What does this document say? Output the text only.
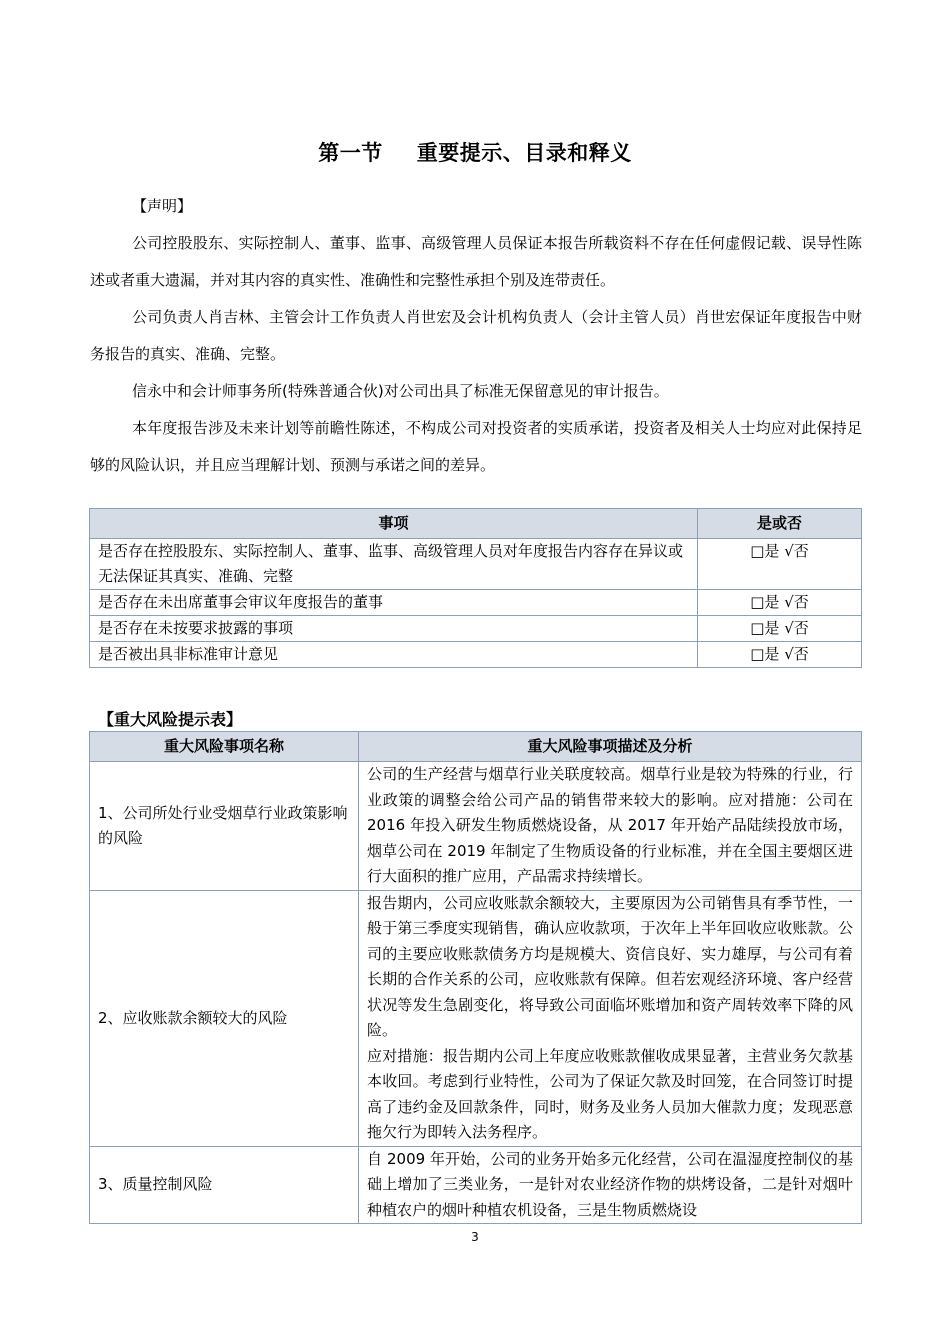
第一节 重要提示、目录和释义

【声明】

公司控股股东、实际控制人、董事、监事、高级管理人员保证本报告所载资料不存在任何虚假记载、误导性陈述或者重大遗漏，并对其内容的真实性、准确性和完整性承担个别及连带责任。

公司负责人肖吉林、主管会计工作负责人肖世宏及会计机构负责人（会计主管人员）肖世宏保证年度报告中财务报告的真实、准确、完整。

信永中和会计师事务所(特殊普通合伙)对公司出具了标准无保留意见的审计报告。

本年度报告涉及未来计划等前瞻性陈述，不构成公司对投资者的实质承诺，投资者及相关人士均应对此保持足够的风险认识，并且应当理解计划、预测与承诺之间的差异。

事项	是或否
是否存在控股股东、实际控制人、董事、监事、高级管理人员对年度报告内容存在异议或无法保证其真实、准确、完整	□是 √否
是否存在未出席董事会审议年度报告的董事	□是 √否
是否存在未按要求披露的事项	□是 √否
是否被出具非标准审计意见	□是 √否
【重大风险提示表】
重大风险事项名称	重大风险事项描述及分析
1、公司所处行业受烟草行业政策影响的风险	公司的生产经营与烟草行业关联度较高。烟草行业是较为特殊的行业，行业政策的调整会给公司产品的销售带来较大的影响。应对措施：公司在 2016 年投入研发生物质燃烧设备，从 2017 年开始产品陆续投放市场，烟草公司在 2019 年制定了生物质设备的行业标准，并在全国主要烟区进行大面积的推广应用，产品需求持续增长。

2、应收账款余额较大的风险	报告期内，公司应收账款余额较大，主要原因为公司销售具有季节性，一般于第三季度实现销售，确认应收款项，于次年上半年回收应收账款。公司的主要应收账款债务方均是规模大、资信良好、实力雄厚，与公司有着长期的合作关系的公司，应收账款有保障。但若宏观经济环境、客户经营状况等发生急剧变化，将导致公司面临坏账增加和资产周转效率下降的风险。
应对措施：报告期内公司上年度应收账款催收成果显著，主营业务欠款基本收回。考虑到行业特性，公司为了保证欠款及时回笼，在合同签订时提高了违约金及回款条件，同时，财务及业务人员加大催款力度；发现恶意拖欠行为即转入法务程序。

3、质量控制风险	自 2009 年开始，公司的业务开始多元化经营，公司在温湿度控制仪的基础上增加了三类业务，一是针对农业经济作物的烘烤设备，二是针对烟叶种植农户的烟叶种植农机设备，三是生物质燃烧设
3
